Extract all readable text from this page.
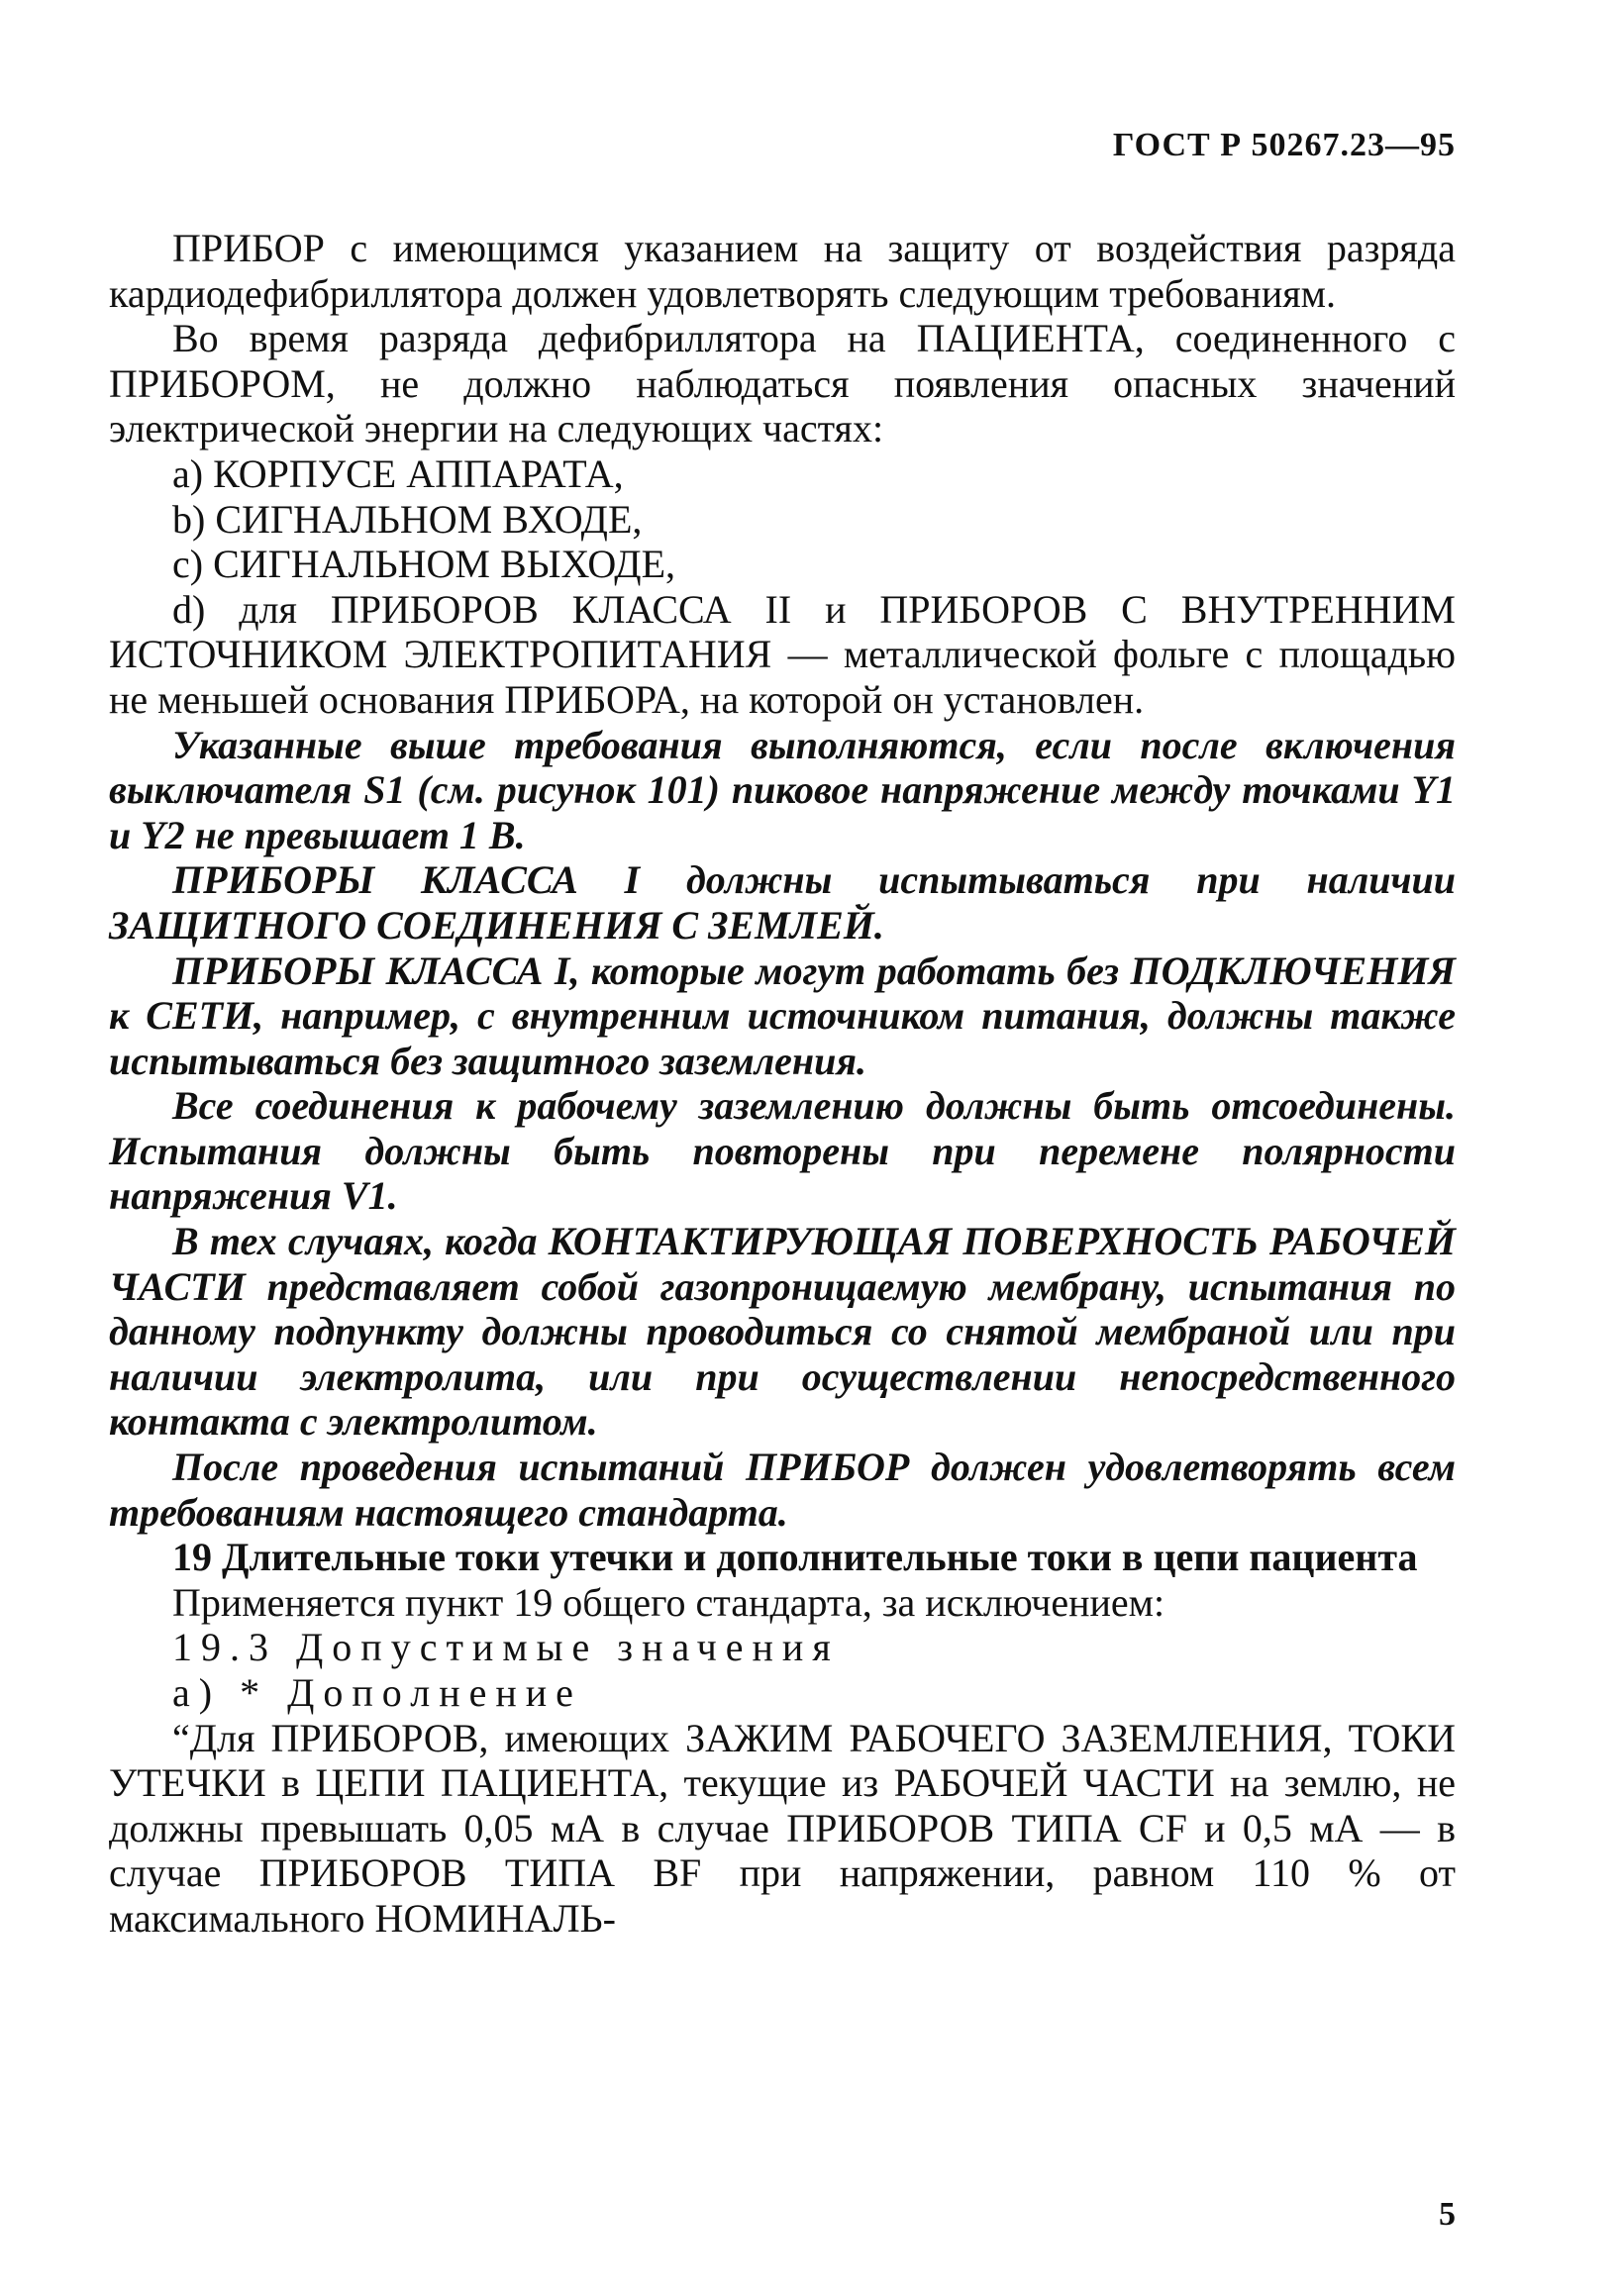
ГОСТ Р 50267.23—95

ПРИБОР с имеющимся указанием на защиту от воздействия разряда кардиодефибриллятора должен удовлетворять следующим требованиям.

Во время разряда дефибриллятора на ПАЦИЕНТА, соединенного с ПРИБОРОМ, не должно наблюдаться появления опасных значений электрической энергии на следующих частях:

а) КОРПУСЕ АППАРАТА,

b) СИГНАЛЬНОМ ВХОДЕ,

c) СИГНАЛЬНОМ ВЫХОДЕ,

d) для ПРИБОРОВ КЛАССА II и ПРИБОРОВ С ВНУТРЕННИМ ИСТОЧНИКОМ ЭЛЕКТРОПИТАНИЯ — металлической фольге с площадью не меньшей основания ПРИБОРА, на которой он установлен.

Указанные выше требования выполняются, если после включения выключателя S1 (см. рисунок 101) пиковое напряжение между точками Y1 и Y2 не превышает 1 В.

ПРИБОРЫ КЛАССА I должны испытываться при наличии ЗАЩИТНОГО СОЕДИНЕНИЯ С ЗЕМЛЕЙ.

ПРИБОРЫ КЛАССА I, которые могут работать без ПОДКЛЮЧЕНИЯ к СЕТИ, например, с внутренним источником питания, должны также испытываться без защитного заземления.

Все соединения к рабочему заземлению должны быть отсоединены. Испытания должны быть повторены при перемене полярности напряжения V1.

В тех случаях, когда КОНТАКТИРУЮЩАЯ ПОВЕРХНОСТЬ РАБОЧЕЙ ЧАСТИ представляет собой газопроницаемую мембрану, испытания по данному подпункту должны проводиться со снятой мембраной или при наличии электролита, или при осуществлении непосредственного контакта с электролитом.

После проведения испытаний ПРИБОР должен удовлетворять всем требованиям настоящего стандарта.

19 Длительные токи утечки и дополнительные токи в цепи пациента

Применяется пункт 19 общего стандарта, за исключением:

19.3 Допустимые значения

а) * Дополнение

“Для ПРИБОРОВ, имеющих ЗАЖИМ РАБОЧЕГО ЗАЗЕМЛЕНИЯ, ТОКИ УТЕЧКИ в ЦЕПИ ПАЦИЕНТА, текущие из РАБОЧЕЙ ЧАСТИ на землю, не должны превышать 0,05 мА в случае ПРИБОРОВ ТИПА CF и 0,5 мА — в случае ПРИБОРОВ ТИПА BF при напряжении, равном 110 % от максимального НОМИНАЛЬ-

5
